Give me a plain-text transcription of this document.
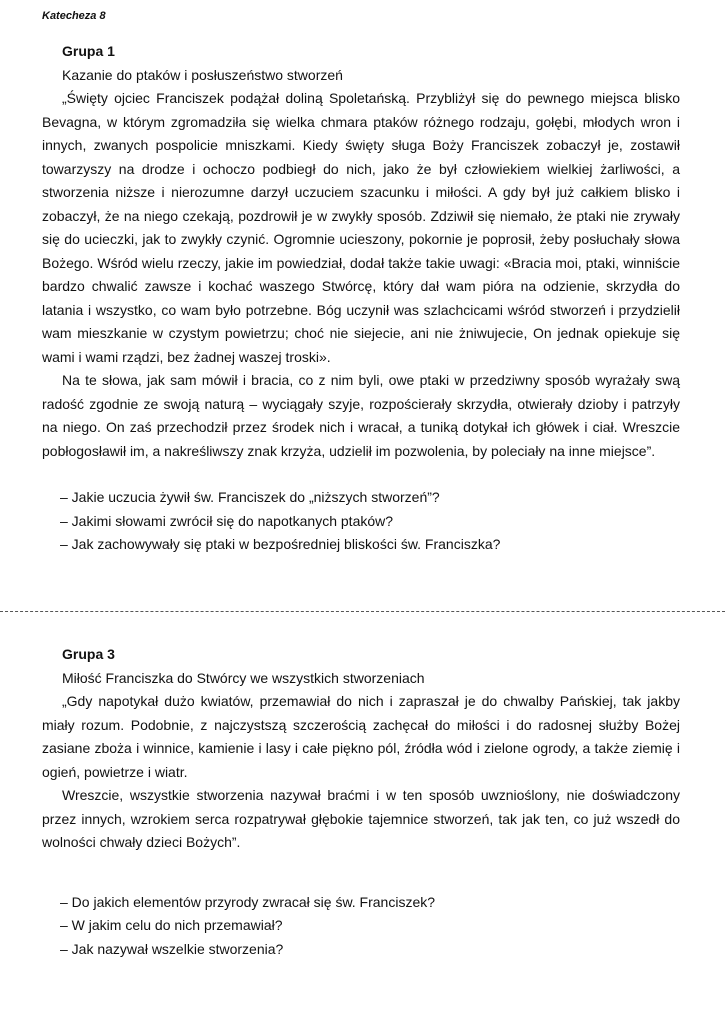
Katecheza 8
Grupa 1
Kazanie do ptaków i posłuszeństwo stworzeń

„Święty ojciec Franciszek podążał doliną Spoletańską. Przybliżył się do pewnego miejsca blisko Bevagna, w którym zgromadziła się wielka chmara ptaków różnego rodzaju, gołębi, młodych wron i innych, zwanych pospolicie mniszkami. Kiedy święty sługa Boży Franciszek zobaczył je, zostawił towarzyszy na drodze i ochoczo podbiegł do nich, jako że był człowiekiem wielkiej żarliwości, a stworzenia niższe i nierozumne darzył uczuciem szacunku i miłości. A gdy był już całkiem blisko i zobaczył, że na niego czekają, pozdrowił je w zwykły sposób. Zdziwił się niemało, że ptaki nie zrywały się do ucieczki, jak to zwykły czynić. Ogromnie ucieszony, pokornie je poprosił, żeby posłuchały słowa Bożego. Wśród wielu rzeczy, jakie im powiedział, dodał także takie uwagi: «Bracia moi, ptaki, winniście bardzo chwalić zawsze i kochać waszego Stwórcę, który dał wam pióra na odzienie, skrzydła do latania i wszystko, co wam było potrzebne. Bóg uczynił was szlachcicami wśród stworzeń i przydzielił wam mieszkanie w czystym powietrzu; choć nie siejecie, ani nie żniwujecie, On jednak opiekuje się wami i wami rządzi, bez żadnej waszej troski».

Na te słowa, jak sam mówił i bracia, co z nim byli, owe ptaki w przedziwny sposób wyrażały swą radość zgodnie ze swoją naturą – wyciągały szyje, rozpościerały skrzydła, otwierały dzioby i patrzyły na niego. On zaś przechodził przez środek nich i wracał, a tuniką dotykał ich główek i ciał. Wreszcie pobłogosławił im, a nakreśliwszy znak krzyża, udzielił im pozwolenia, by poleciały na inne miejsce”.

– Jakie uczucia żywił św. Franciszek do „niższych stworzeń”?
– Jakimi słowami zwrócił się do napotkanych ptaków?
– Jak zachowywały się ptaki w bezpośredniej bliskości św. Franciszka?
Grupa 3
Miłość Franciszka do Stwórcy we wszystkich stworzeniach

„Gdy napotykał dużo kwiatów, przemawiał do nich i zapraszał je do chwalby Pańskiej, tak jakby miały rozum. Podobnie, z najczystszą szczerością zachęcał do miłości i do radosnej służby Bożej zasiane zboża i winnice, kamienie i lasy i całe piękno pól, źródła wód i zielone ogrody, a także ziemię i ogień, powietrze i wiatr.

Wreszcie, wszystkie stworzenia nazywał braćmi i w ten sposób uwznioślony, nie doświadczony przez innych, wzrokiem serca rozpatrywał głębokie tajemnice stworzeń, tak jak ten, co już wszedł do wolności chwały dzieci Bożych”.

– Do jakich elementów przyrody zwracał się św. Franciszek?
– W jakim celu do nich przemawiał?
– Jak nazywał wszelkie stworzenia?
